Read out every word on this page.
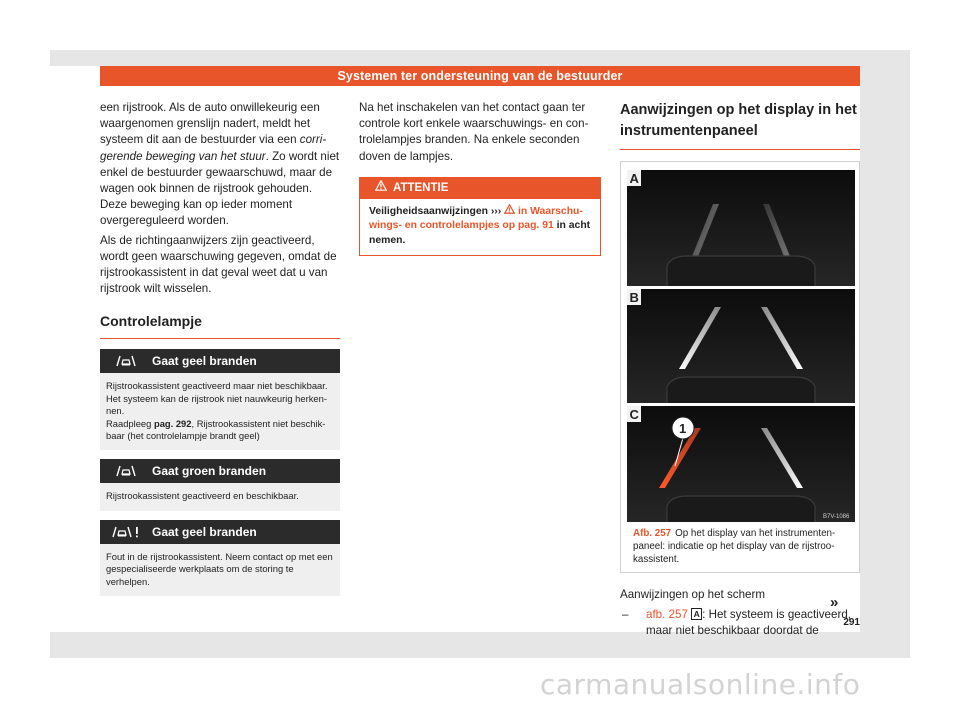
Systemen ter ondersteuning van de bestuurder

een rijstrook. Als de auto onwillekeurig een waargenomen grenslijn nadert, meldt het systeem dit aan de bestuurder via een corrigerende beweging van het stuur. Zo wordt niet enkel de bestuurder gewaarschuwd, maar de wagen ook binnen de rijstrook gehouden. Deze beweging kan op ieder moment overgereguleerd worden.

Als de richtingaanwijzers zijn geactiveerd, wordt geen waarschuwing gegeven, omdat de rijstrookassistent in dat geval weet dat u van rijstrook wilt wisselen.

Controlelampje
Gaat geel branden
Rijstrookassistent geactiveerd maar niet beschikbaar.
Het systeem kan de rijstrook niet nauwkeurig herkennen.
Raadpleeg pag. 292, Rijstrookassistent niet beschikbaar (het controlelampje brandt geel)
Gaat groen branden
Rijstrookassistent geactiveerd en beschikbaar.
Gaat geel branden
Fout in de rijstrookassistent. Neem contact op met een gespecialiseerde werkplaats om de storing te verhelpen.

Na het inschakelen van het contact gaan ter controle kort enkele waarschuwings- en controlelampjes branden. Na enkele seconden doven de lampjes.

ATTENTIE
Veiligheidsaanwijzingen ›››  in Waarschuwings- en controlelampjes op pag. 91 in acht nemen.
Aanwijzingen op het display in het instrumentenpaneel
A
B
1
C
B7V-1086
Afb. 257 Op het display van het instrumentenpaneel: indicatie op het display van de rijstrookassistent.
Aanwijzingen op het scherm
–	afb. 257 A : Het systeem is geactiveerd,
maar niet beschikbaar doordat de
»
291
carmanualsonline.info
